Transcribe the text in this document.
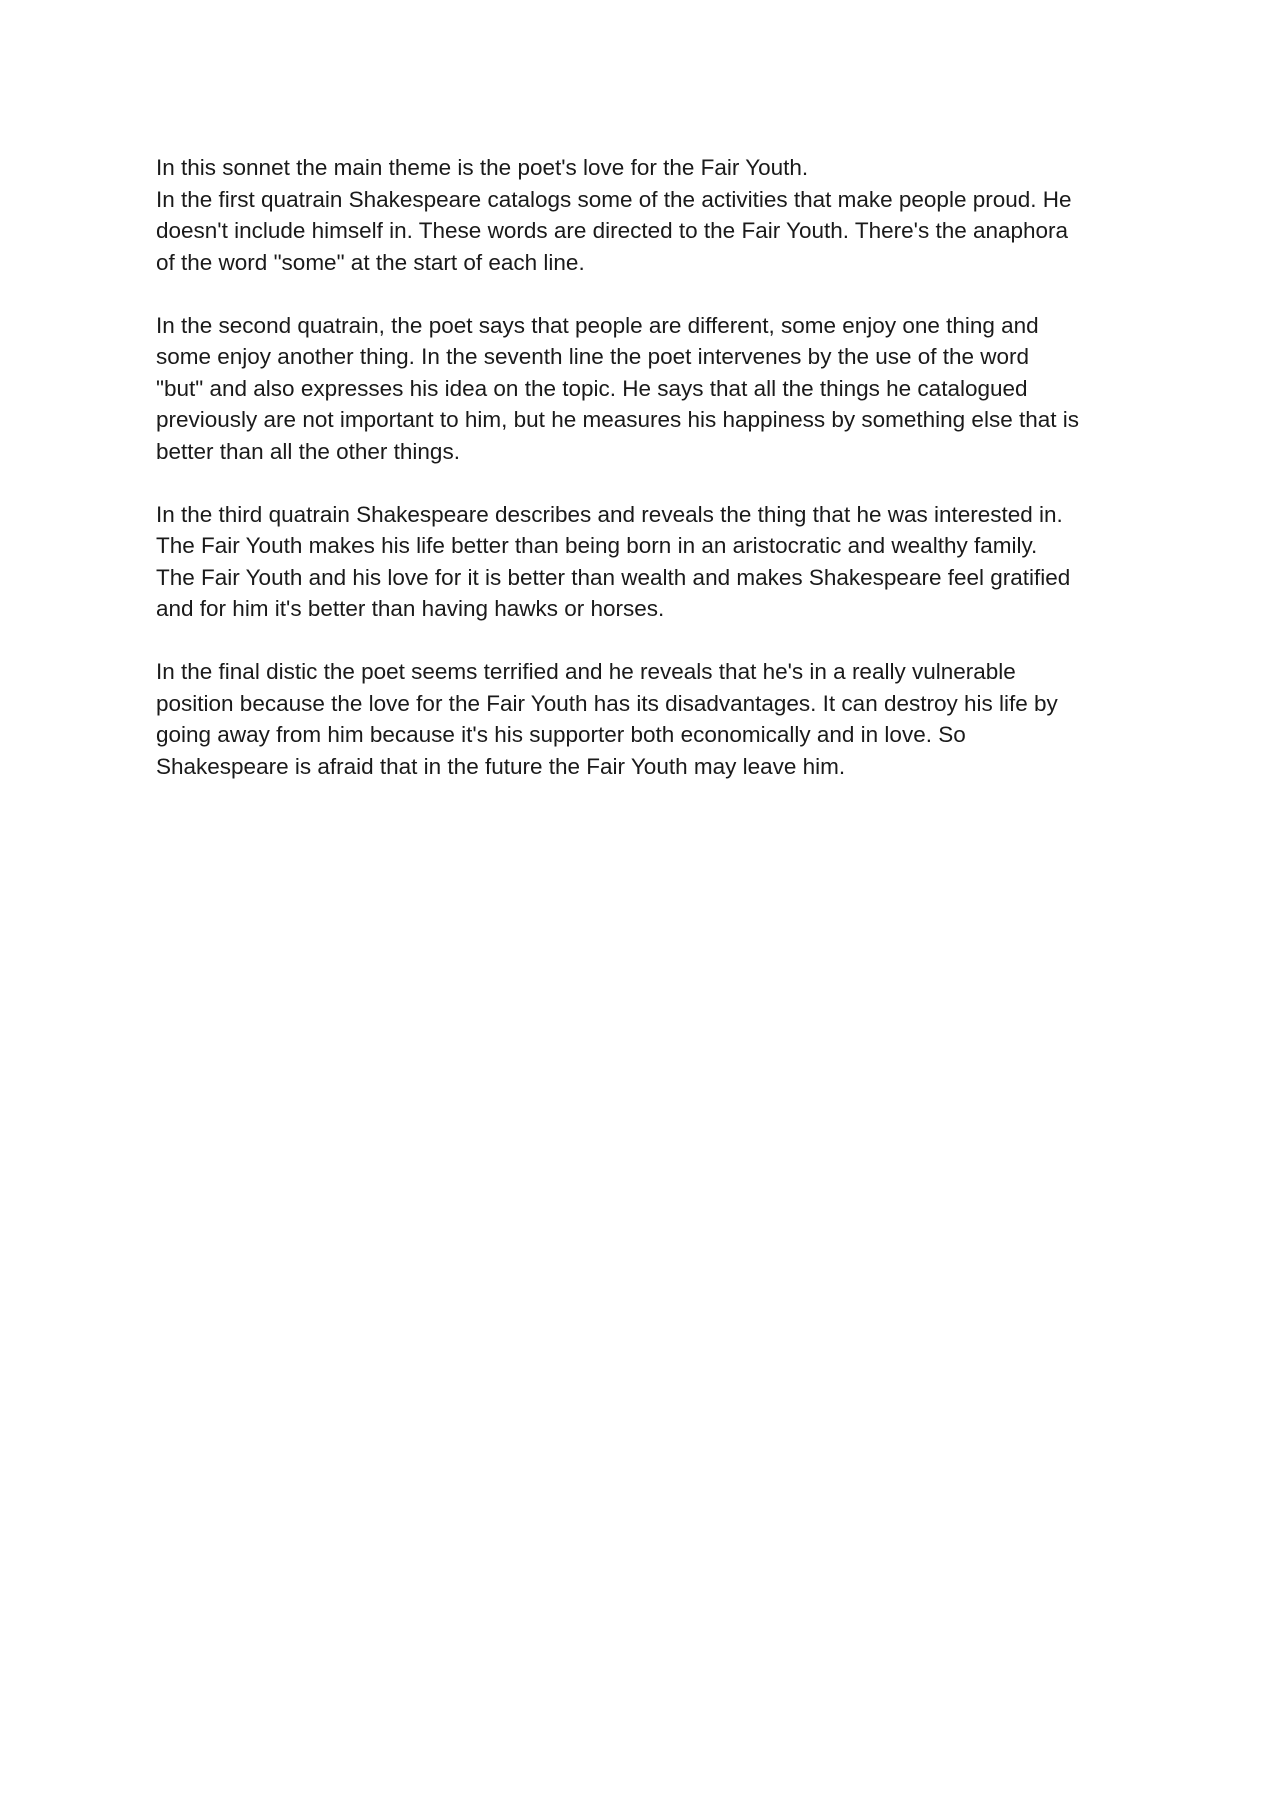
In this sonnet the main theme is the poet's love for the Fair Youth.
In the first quatrain Shakespeare catalogs some of the activities that make people proud. He
doesn't include himself in. These words are directed to the Fair Youth. There's the anaphora
of the word "some" at the start of each line.
In the second quatrain, the poet says that people are different, some enjoy one thing and
some enjoy another thing. In the seventh line the poet intervenes by the use of the word
"but" and also expresses his idea on the topic. He says that all the things he catalogued
previously are not important to him, but he measures his happiness by something else that is
better than all the other things.
In the third quatrain Shakespeare describes and reveals the thing that he was interested in.
The Fair Youth makes his life better than being born in an aristocratic and wealthy family.
The Fair Youth and his love for it is better than wealth and makes Shakespeare feel gratified
and for him it's better than having hawks or horses.
In the final distic the poet seems terrified and he reveals that he's in a really vulnerable
position because the love for the Fair Youth has its disadvantages. It can destroy his life by
going away from him because it's his supporter both economically and in love. So
Shakespeare is afraid that in the future the Fair Youth may leave him.
